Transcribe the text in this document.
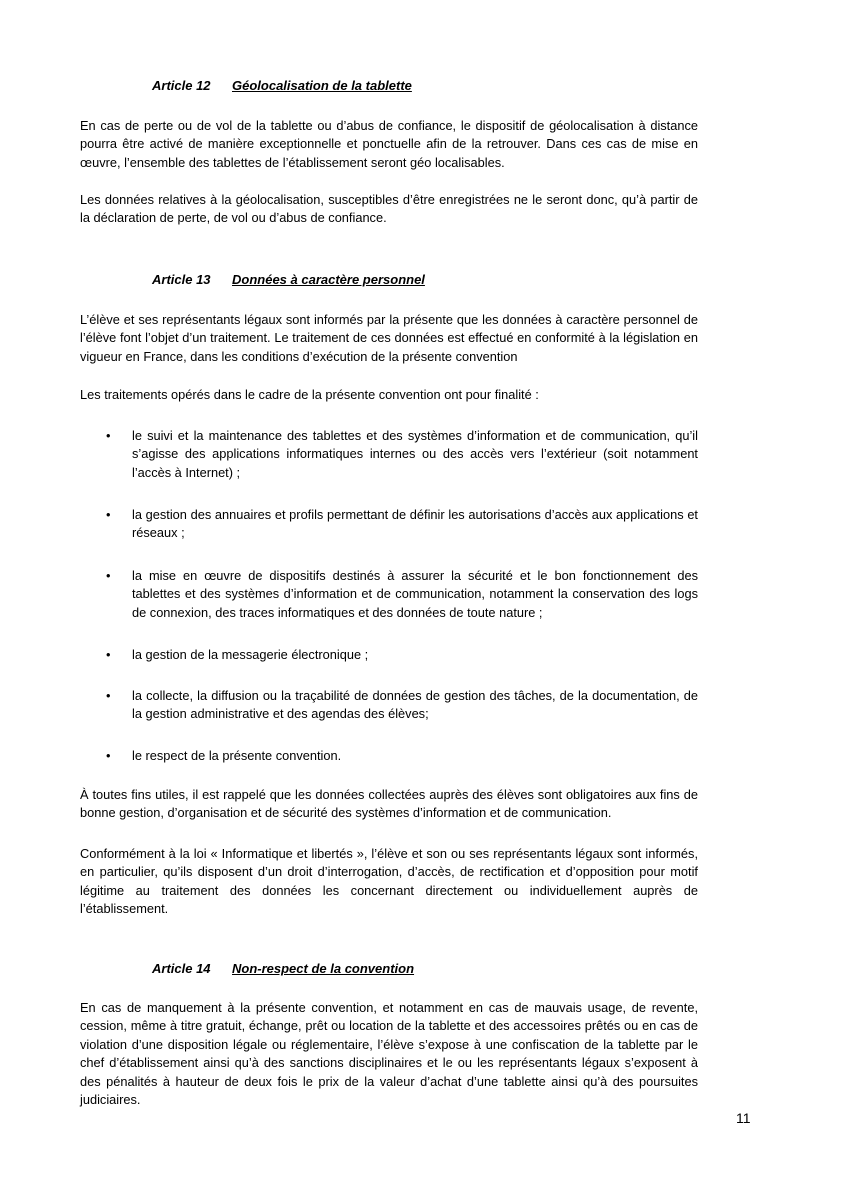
Article 12 Géolocalisation de la tablette

En cas de perte ou de vol de la tablette ou d’abus de confiance, le dispositif de géolocalisation à distance pourra être activé de manière exceptionnelle et ponctuelle afin de la retrouver. Dans ces cas de mise en œuvre, l’ensemble des tablettes de l’établissement seront géo localisables.

Les données relatives à la géolocalisation, susceptibles d’être enregistrées ne le seront donc, qu’à partir de la déclaration de perte, de vol ou d’abus de confiance.

Article 13 Données à caractère personnel

L’élève et ses représentants légaux sont informés par la présente que les données à caractère personnel de l’élève font l’objet d’un traitement. Le traitement de ces données est effectué en conformité à la législation en vigueur en France, dans les conditions d’exécution de la présente convention

Les traitements opérés dans le cadre de la présente convention ont pour finalité :

• le suivi et la maintenance des tablettes et des systèmes d’information et de communication, qu’il s’agisse des applications informatiques internes ou des accès vers l’extérieur (soit notamment l’accès à Internet) ;

• la gestion des annuaires et profils permettant de définir les autorisations d’accès aux applications et réseaux ;

• la mise en œuvre de dispositifs destinés à assurer la sécurité et le bon fonctionnement des tablettes et des systèmes d’information et de communication, notamment la conservation des logs de connexion, des traces informatiques et des données de toute nature ;

• la gestion de la messagerie électronique ;

• la collecte, la diffusion ou la traçabilité de données de gestion des tâches, de la documentation, de la gestion administrative et des agendas des élèves;

• le respect de la présente convention.

À toutes fins utiles, il est rappelé que les données collectées auprès des élèves sont obligatoires aux fins de bonne gestion, d’organisation et de sécurité des systèmes d’information et de communication.

Conformément à la loi « Informatique et libertés », l’élève et son ou ses représentants légaux sont informés, en particulier, qu’ils disposent d’un droit d’interrogation, d’accès, de rectification et d’opposition pour motif légitime au traitement des données les concernant directement ou individuellement auprès de l’établissement.

Article 14 Non-respect de la convention

En cas de manquement à la présente convention, et notamment en cas de mauvais usage, de revente, cession, même à titre gratuit, échange, prêt ou location de la tablette et des accessoires prêtés ou en cas de violation d’une disposition légale ou réglementaire, l’élève s’expose à une confiscation de la tablette par le chef d’établissement ainsi qu’à des sanctions disciplinaires et le ou les représentants légaux s’exposent à des pénalités à hauteur de deux fois le prix de la valeur d’achat d’une tablette ainsi qu’à des poursuites judiciaires.

11
